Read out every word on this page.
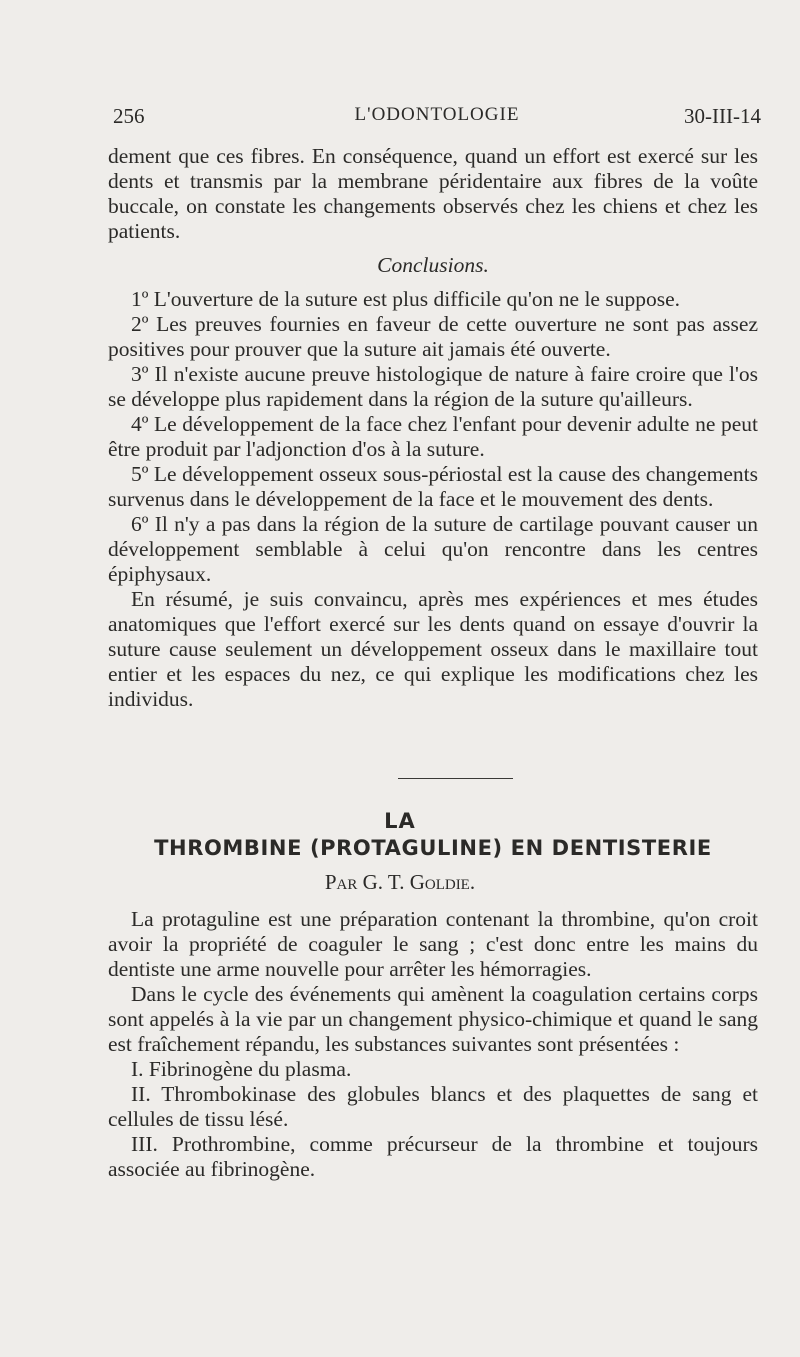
256	L'ODONTOLOGIE	30-III-14

dement que ces fibres. En conséquence, quand un effort est exercé sur les dents et transmis par la membrane péridentaire aux fibres de la voûte buccale, on constate les changements observés chez les chiens et chez les patients.

Conclusions.

1º L'ouverture de la suture est plus difficile qu'on ne le suppose.

2º Les preuves fournies en faveur de cette ouverture ne sont pas assez positives pour prouver que la suture ait jamais été ouverte.

3º Il n'existe aucune preuve histologique de nature à faire croire que l'os se développe plus rapidement dans la région de la suture qu'ailleurs.

4º Le développement de la face chez l'enfant pour devenir adulte ne peut être produit par l'adjonction d'os à la suture.

5º Le développement osseux sous-périostal est la cause des changements survenus dans le développement de la face et le mouvement des dents.

6º Il n'y a pas dans la région de la suture de cartilage pouvant causer un développement semblable à celui qu'on rencontre dans les centres épiphysaux.

En résumé, je suis convaincu, après mes expériences et mes études anatomiques que l'effort exercé sur les dents quand on essaye d'ouvrir la suture cause seulement un développement osseux dans le maxillaire tout entier et les espaces du nez, ce qui explique les modifications chez les individus.

LA
THROMBINE (PROTAGULINE) EN DENTISTERIE
Par G. T. Goldie.

La protaguline est une préparation contenant la thrombine, qu'on croit avoir la propriété de coaguler le sang ; c'est donc entre les mains du dentiste une arme nouvelle pour arrêter les hémorragies.

Dans le cycle des événements qui amènent la coagulation certains corps sont appelés à la vie par un changement physico-chimique et quand le sang est fraîchement répandu, les substances suivantes sont présentées :

I. Fibrinogène du plasma.

II. Thrombokinase des globules blancs et des plaquettes de sang et cellules de tissu lésé.

III. Prothrombine, comme précurseur de la thrombine et toujours associée au fibrinogène.
